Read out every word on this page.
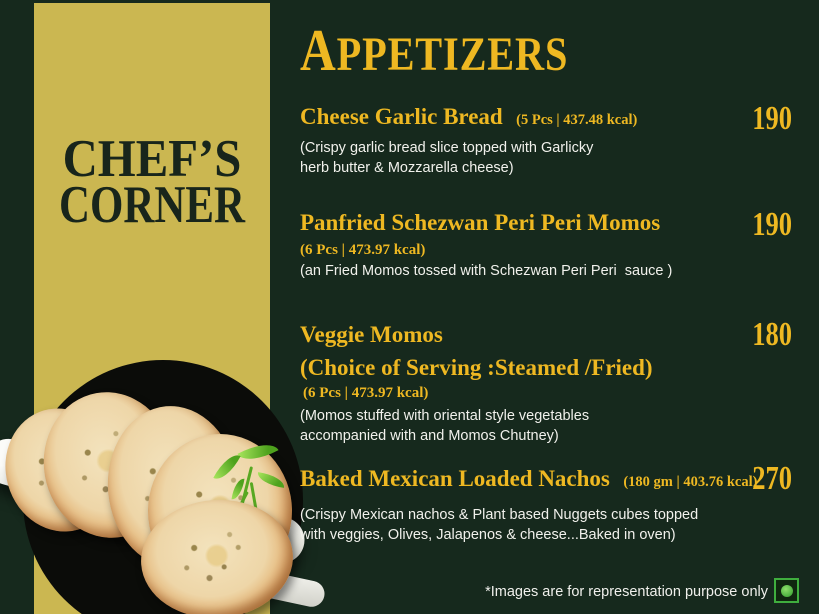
CHEF’S
CORNER
APPETIZERS
Cheese Garlic Bread (5 Pcs | 437.48 kcal)
(Crispy garlic bread slice topped with Garlicky
herb butter & Mozzarella cheese)
190
Panfried Schezwan Peri Peri Momos
(6 Pcs | 473.97 kcal)
(an Fried Momos tossed with Schezwan Peri Peri  sauce )
190
Veggie Momos
(Choice of Serving :Steamed /Fried)
(6 Pcs | 473.97 kcal)
(Momos stuffed with oriental style vegetables
accompanied with and Momos Chutney)
180
Baked Mexican Loaded Nachos (180 gm | 403.76 kcal)
(Crispy Mexican nachos & Plant based Nuggets cubes topped
with veggies, Olives, Jalapenos & cheese...Baked in oven)
270
*Images are for representation purpose only
